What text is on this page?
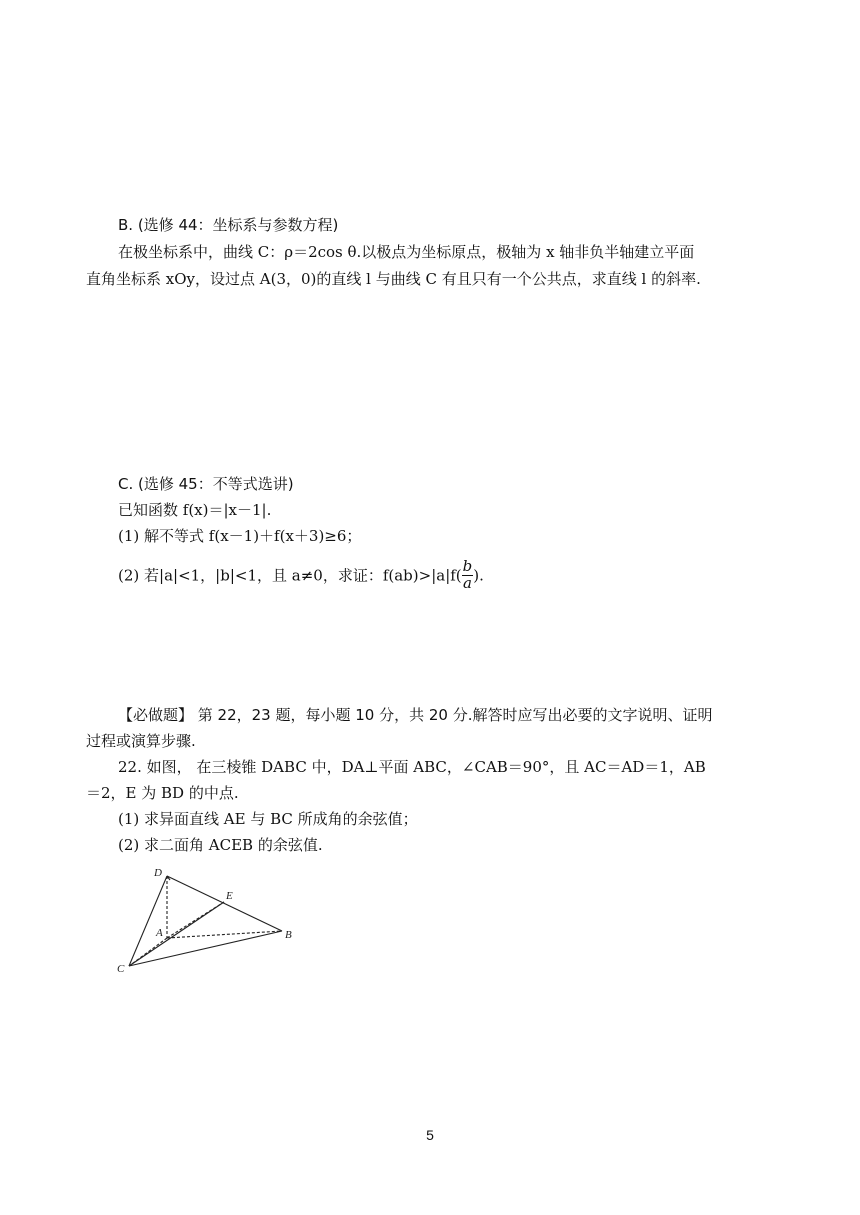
B. (选修 44：坐标系与参数方程)
在极坐标系中，曲线 C：ρ＝2cos θ.以极点为坐标原点，极轴为 x 轴非负半轴建立平面
直角坐标系 xOy，设过点 A(3，0)的直线 l 与曲线 C 有且只有一个公共点，求直线 l 的斜率.
C. (选修 45：不等式选讲)
已知函数 f(x)＝|x－1|.
(1) 解不等式 f(x－1)＋f(x＋3)≥6；
(2) 若|a|<1，|b|<1，且 a≠0，求证：$f(ab)>|a|f( \frac{b}{a}$ ).
【必做题】 第 22，23 题，每小题 10 分，共 20 分.解答时应写出必要的文字说明、证明
过程或演算步骤.
22. 如图， 在三棱锥 DABC 中，DA⊥平面 ABC，∠CAB＝90°，且 AC＝AD＝1，AB
＝2，E 为 BD 的中点.
(1) 求异面直线 AE 与 BC 所成角的余弦值；
(2) 求二面角 ACEB 的余弦值.
D
E
A	B
C
5
